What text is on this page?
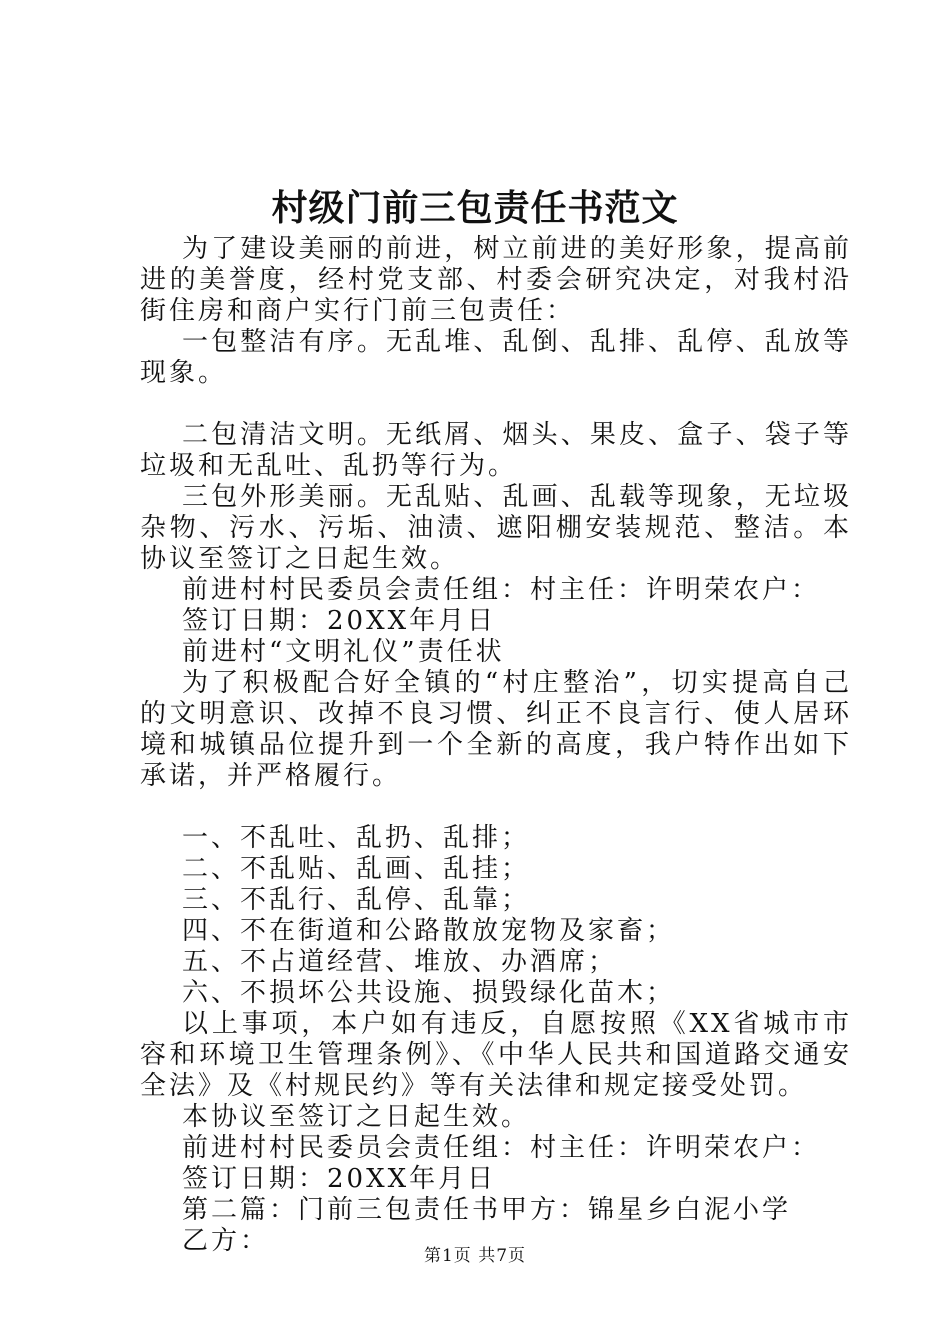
村级门前三包责任书范文

为了建设美丽的前进，树立前进的美好形象，提高前进的美誉度，经村党支部、村委会研究决定，对我村沿街住房和商户实行门前三包责任：

一包整洁有序。无乱堆、乱倒、乱排、乱停、乱放等现象。

二包清洁文明。无纸屑、烟头、果皮、盒子、袋子等垃圾和无乱吐、乱扔等行为。

三包外形美丽。无乱贴、乱画、乱载等现象，无垃圾杂物、污水、污垢、油渍、遮阳棚安装规范、整洁。本协议至签订之日起生效。

前进村村民委员会责任组：村主任：许明荣农户：

签订日期：20XX年月日

前进村“文明礼仪”责任状

为了积极配合好全镇的“村庄整治”，切实提高自己的文明意识、改掉不良习惯、纠正不良言行、使人居环境和城镇品位提升到一个全新的高度，我户特作出如下承诺，并严格履行。

一、不乱吐、乱扔、乱排；

二、不乱贴、乱画、乱挂；

三、不乱行、乱停、乱靠；

四、不在街道和公路散放宠物及家畜；

五、不占道经营、堆放、办酒席；

六、不损坏公共设施、损毁绿化苗木；

以上事项，本户如有违反，自愿按照《XX省城市市容和环境卫生管理条例》、《中华人民共和国道路交通安全法》及《村规民约》等有关法律和规定接受处罚。

本协议至签订之日起生效。

前进村村民委员会责任组：村主任：许明荣农户：

签订日期：20XX年月日

第二篇：门前三包责任书甲方：锦星乡白泥小学

乙方：	第1页 共7页
